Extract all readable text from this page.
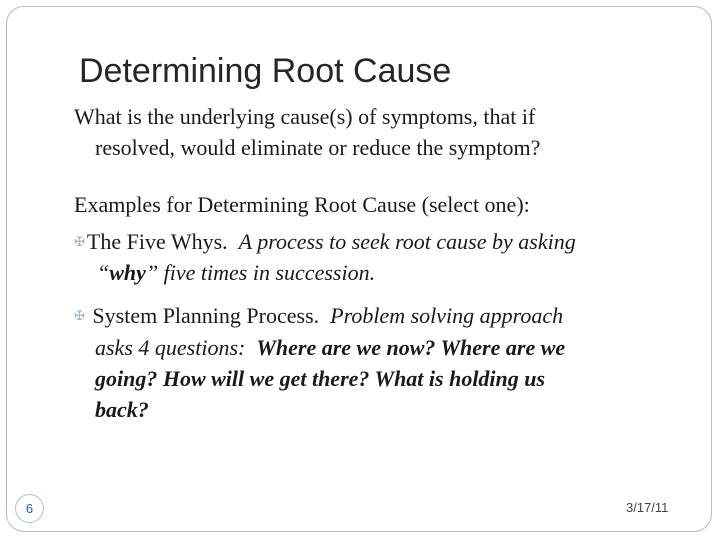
Determining Root Cause
What is the underlying cause(s) of symptoms, that if
resolved, would eliminate or reduce the symptom?
Examples for Determining Root Cause (select one):
✠The Five Whys. A process to seek root cause by asking
“why” five times in succession.
✠ System Planning Process. Problem solving approach
asks 4 questions: Where are we now? Where are we
going? How will we get there? What is holding us
back?
6	3/17/11
